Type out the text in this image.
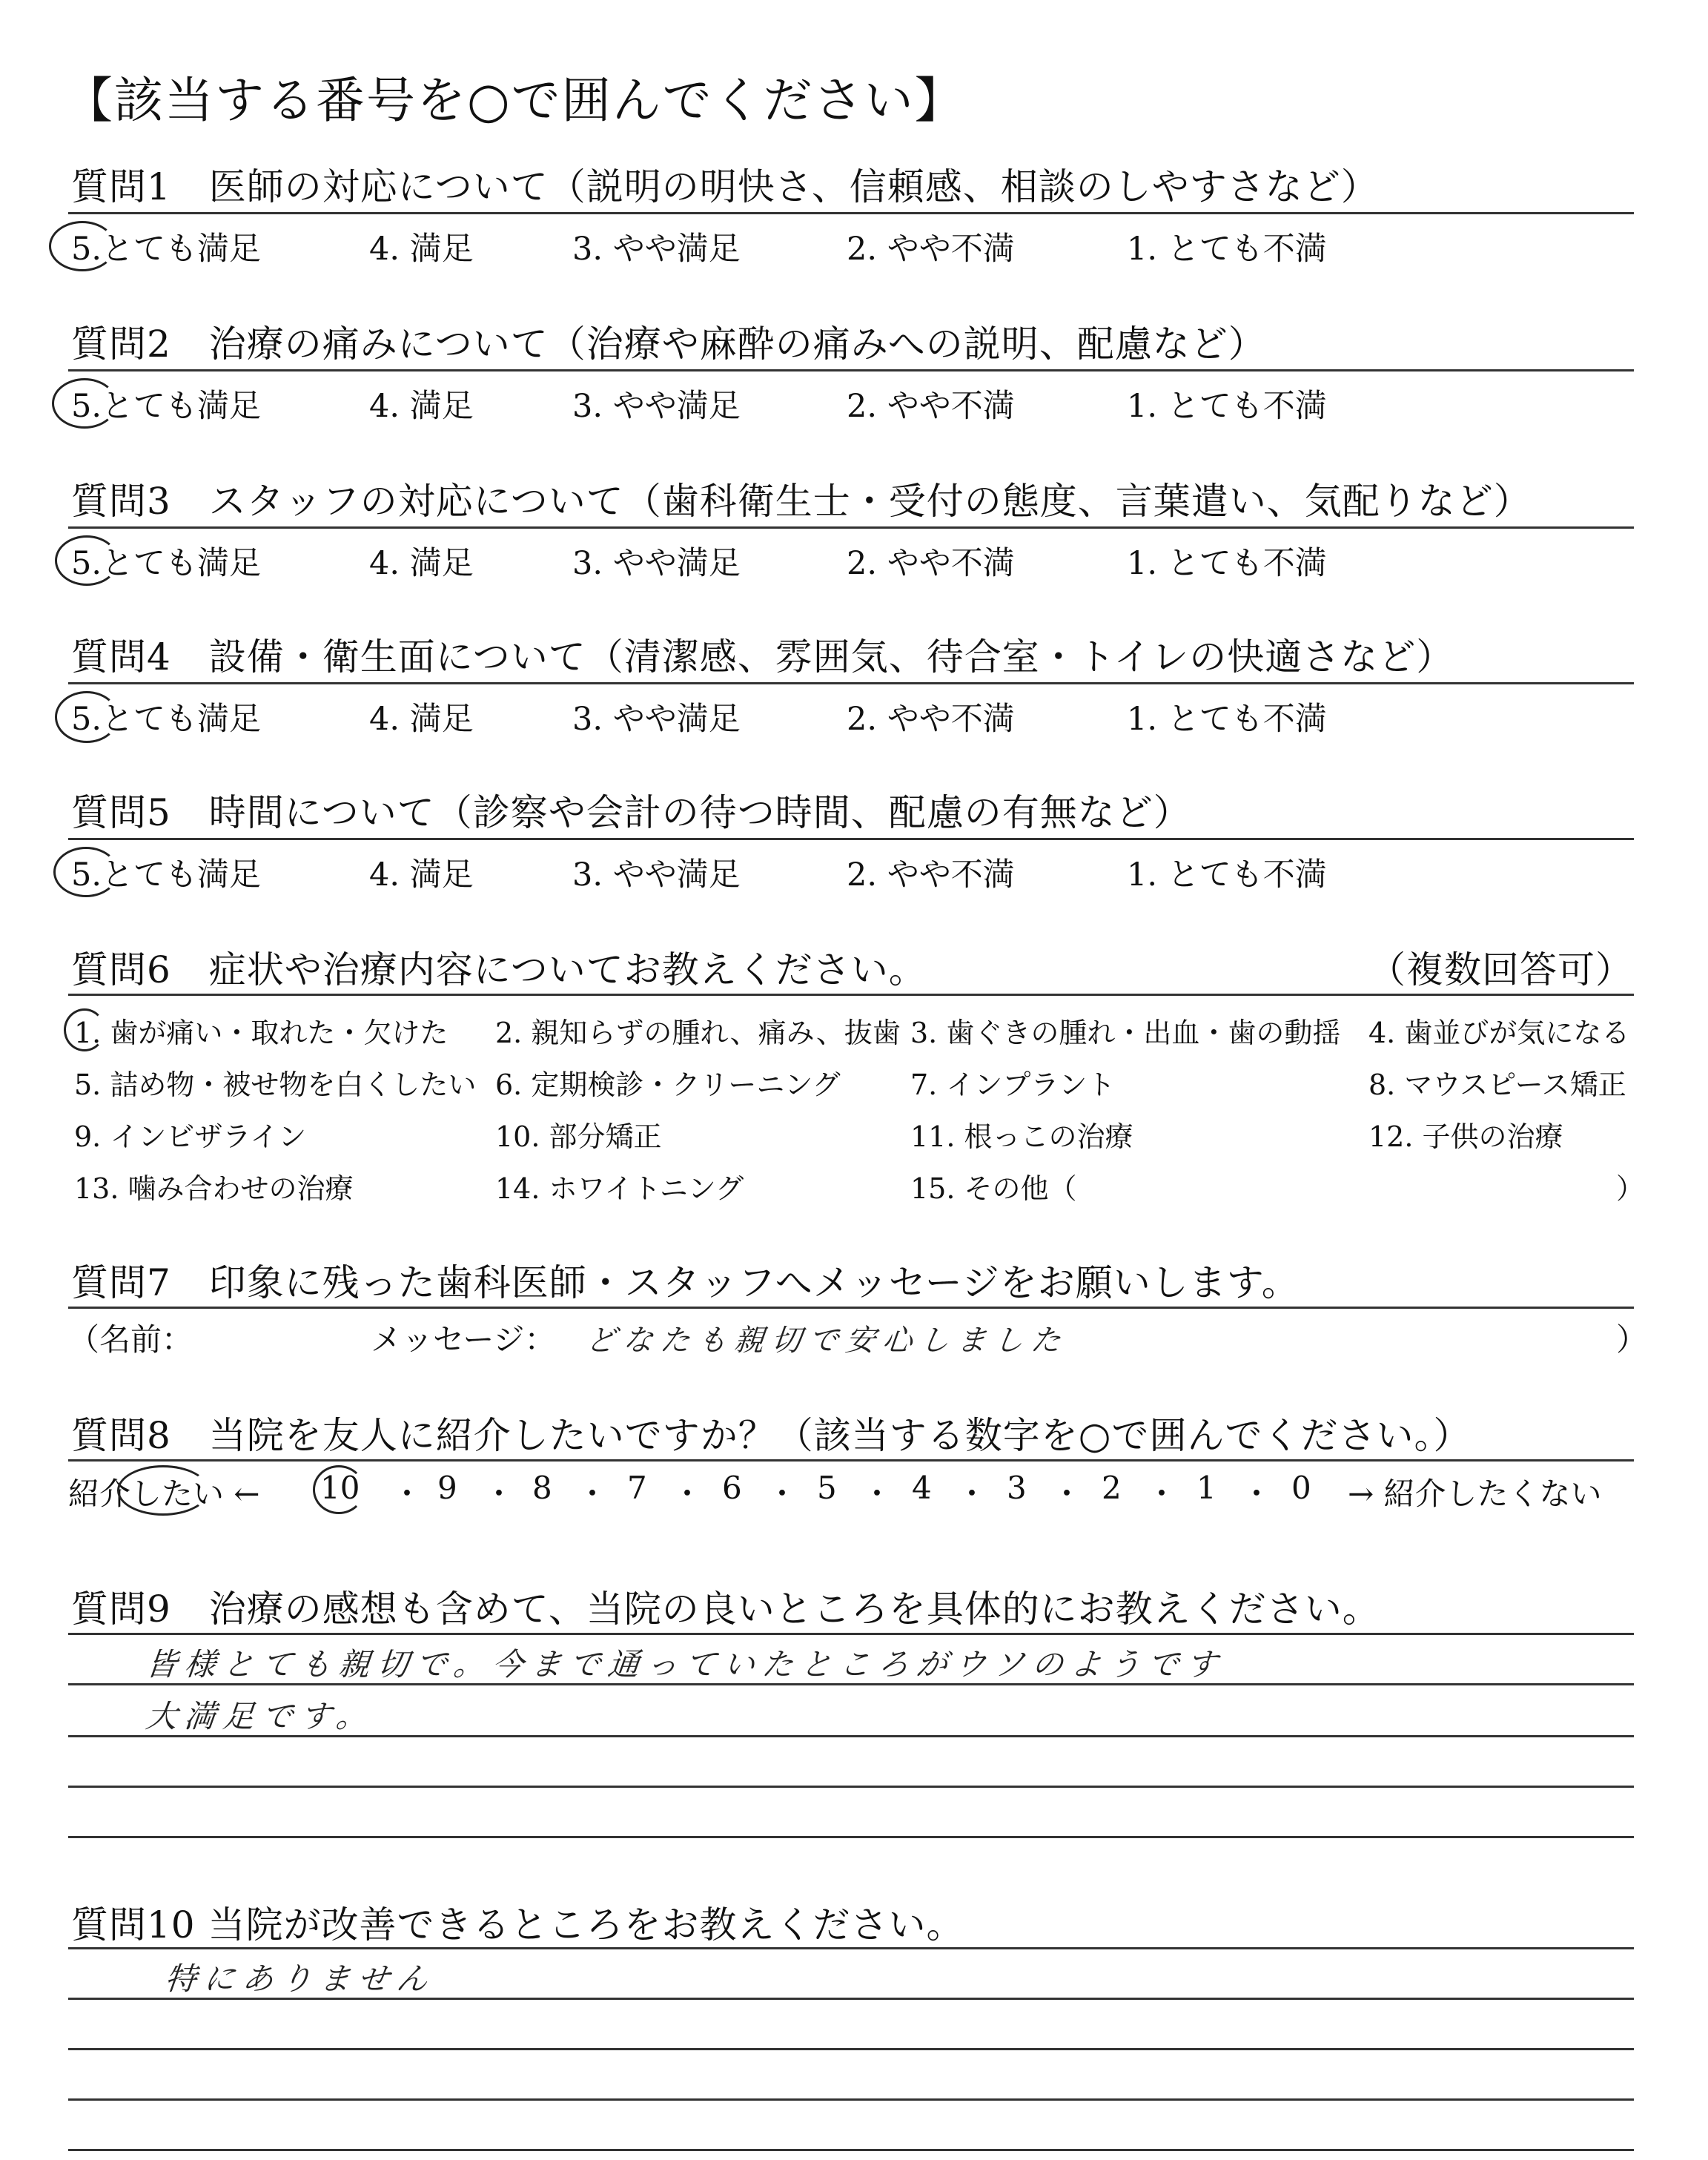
【該当する番号を○で囲んでください】
質問1　医師の対応について（説明の明快さ、信頼感、相談のしやすさなど）
5.とても満足	4. 満足	3. やや満足	2. やや不満	1. とても不満
質問2　治療の痛みについて（治療や麻酔の痛みへの説明、配慮など）
5.とても満足	4. 満足	3. やや満足	2. やや不満	1. とても不満
質問3　スタッフの対応について（歯科衛生士・受付の態度、言葉遣い、気配りなど）
5.とても満足	4. 満足	3. やや満足	2. やや不満	1. とても不満
質問4　設備・衛生面について（清潔感、雰囲気、待合室・トイレの快適さなど）
5.とても満足	4. 満足	3. やや満足	2. やや不満	1. とても不満
質問5　時間について（診察や会計の待つ時間、配慮の有無など）
5.とても満足	4. 満足	3. やや満足	2. やや不満	1. とても不満
質問6　症状や治療内容についてお教えください。	（複数回答可）
1. 歯が痛い・取れた・欠けた 2. 親知らずの腫れ、痛み、抜歯 3. 歯ぐきの腫れ・出血・歯の動揺 4. 歯並びが気になる
5. 詰め物・被せ物を白くしたい 6. 定期検診・クリーニング 7. インプラント	8. マウスピース矯正
9. インビザライン	10. 部分矯正	11. 根っこの治療	12. 子供の治療
13. 噛み合わせの治療	14. ホワイトニング	15. その他（	）
質問7　印象に残った歯科医師・スタッフへメッセージをお願いします。
（名前：	メッセージ： どなたも親切で安心しました	）
質問8　当院を友人に紹介したいですか？（該当する数字を○で囲んでください。）
紹介したい ← 10 ・ 9 ・ 8 ・ 7 ・ 6 ・ 5 ・ 4 ・ 3 ・ 2 ・ 1 ・ 0 → 紹介したくない
質問9　治療の感想も含めて、当院の良いところを具体的にお教えください。
皆様とても親切で。今まで通っていたところがウソのようです
大満足です。
質問10 当院が改善できるところをお教えください。
特にありません
